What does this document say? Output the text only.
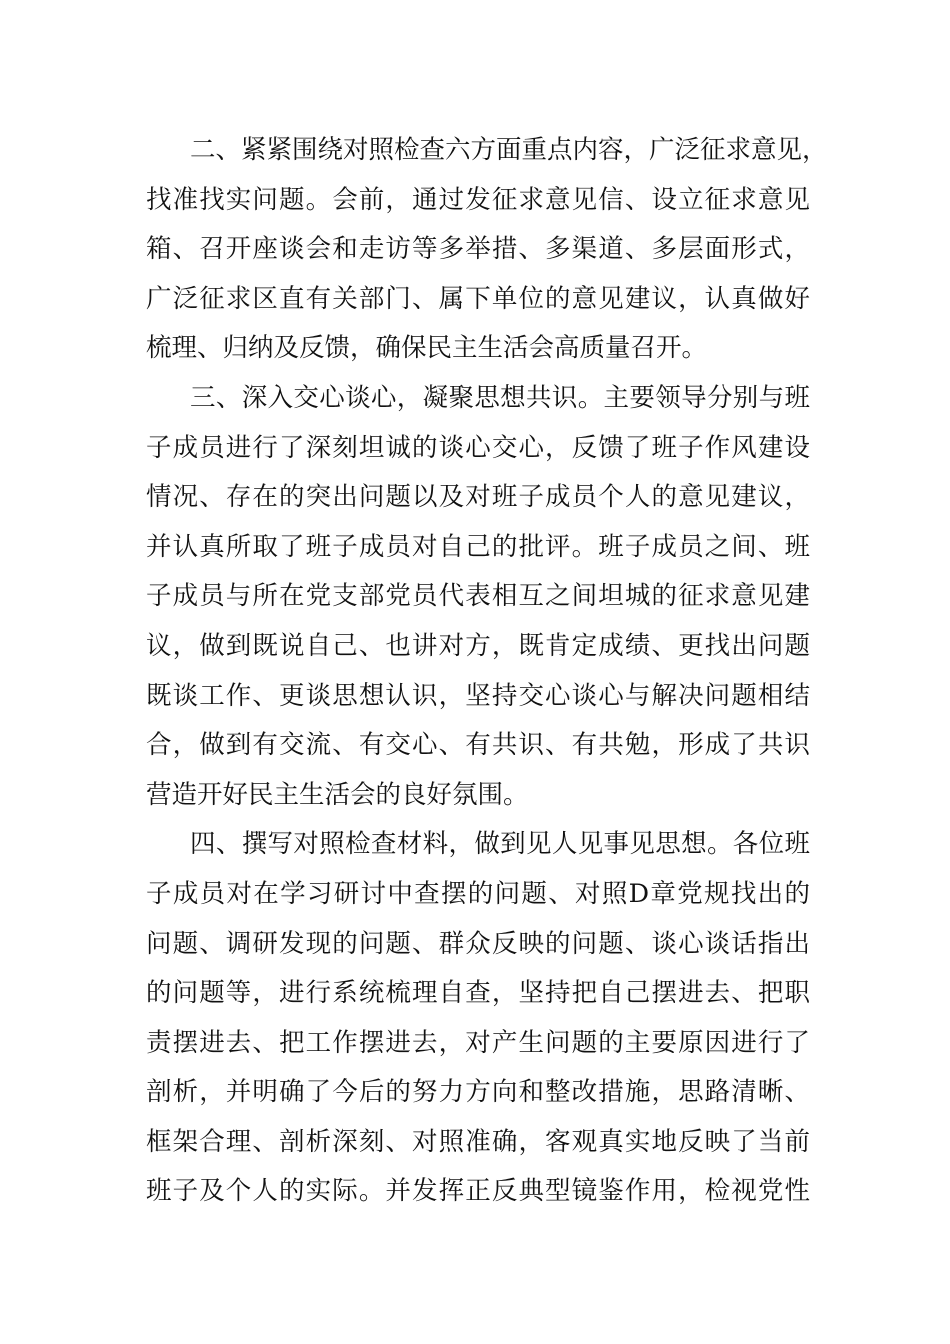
二、紧紧围绕对照检查六方面重点内容，广泛征求意见，
找准找实问题。会前，通过发征求意见信、设立征求意见
箱、召开座谈会和走访等多举措、多渠道、多层面形式，
广泛征求区直有关部门、属下单位的意见建议，认真做好
梳理、归纳及反馈，确保民主生活会高质量召开。
三、深入交心谈心，凝聚思想共识。主要领导分别与班
子成员进行了深刻坦诚的谈心交心，反馈了班子作风建设
情况、存在的突出问题以及对班子成员个人的意见建议，
并认真所取了班子成员对自己的批评。班子成员之间、班
子成员与所在党支部党员代表相互之间坦城的征求意见建
议，做到既说自己、也讲对方，既肯定成绩、更找出问题
既谈工作、更谈思想认识，坚持交心谈心与解决问题相结
合，做到有交流、有交心、有共识、有共勉，形成了共识
营造开好民主生活会的良好氛围。
四、撰写对照检查材料，做到见人见事见思想。各位班
子成员对在学习研讨中查摆的问题、对照D章党规找出的
问题、调研发现的问题、群众反映的问题、谈心谈话指出
的问题等，进行系统梳理自查，坚持把自己摆进去、把职
责摆进去、把工作摆进去，对产生问题的主要原因进行了
剖析，并明确了今后的努力方向和整改措施，思路清晰、
框架合理、剖析深刻、对照准确，客观真实地反映了当前
班子及个人的实际。并发挥正反典型镜鉴作用，检视党性
